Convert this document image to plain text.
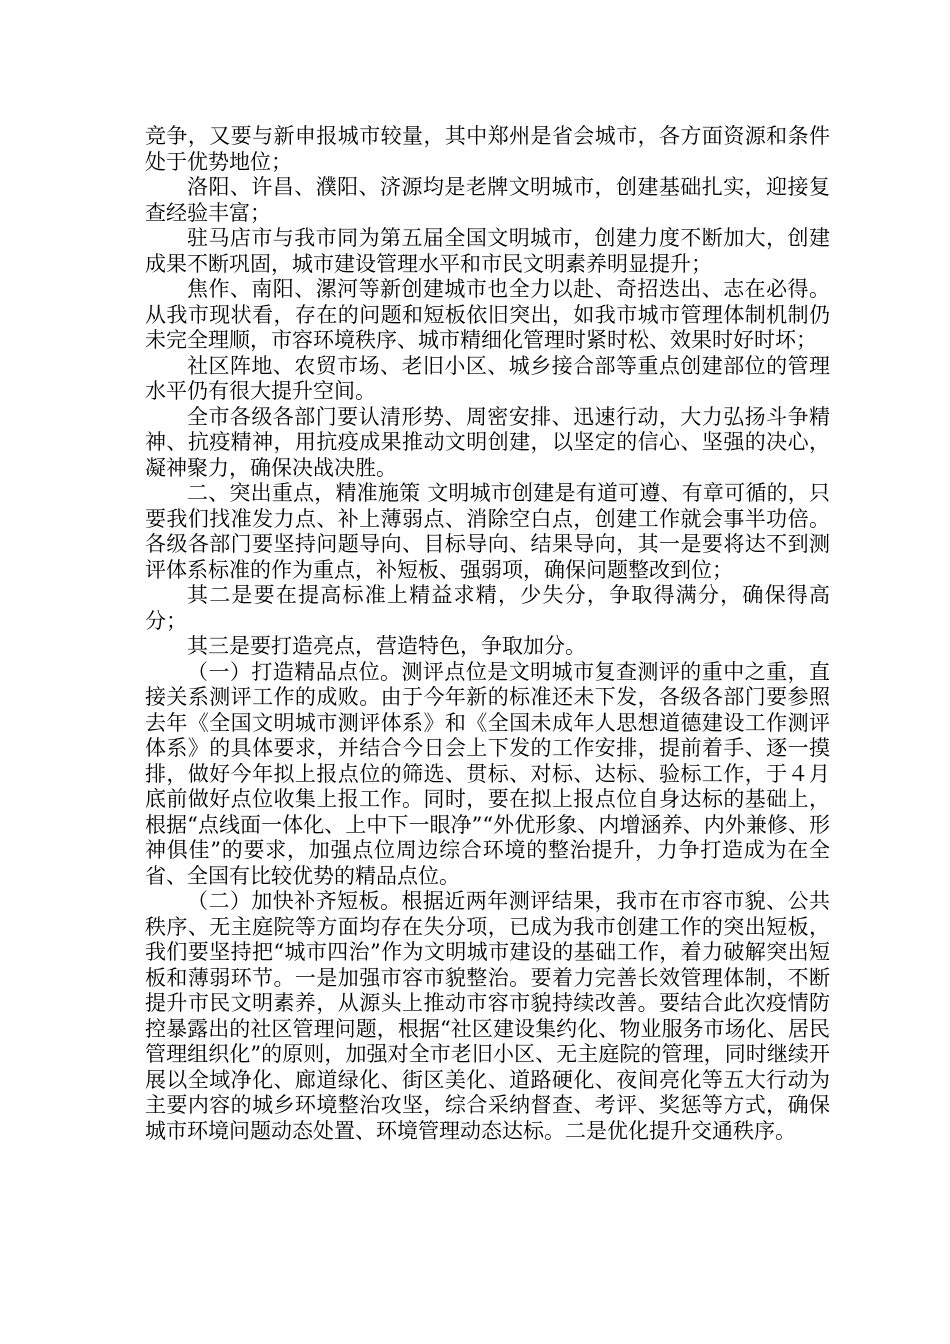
竞争，又要与新申报城市较量，其中郑州是省会城市，各方面资源和条件处于优势地位；

洛阳、许昌、濮阳、济源均是老牌文明城市，创建基础扎实，迎接复查经验丰富；

驻马店市与我市同为第五届全国文明城市，创建力度不断加大，创建成果不断巩固，城市建设管理水平和市民文明素养明显提升；

焦作、南阳、漯河等新创建城市也全力以赴、奇招迭出、志在必得。从我市现状看，存在的问题和短板依旧突出，如我市城市管理体制机制仍未完全理顺，市容环境秩序、城市精细化管理时紧时松、效果时好时坏；

社区阵地、农贸市场、老旧小区、城乡接合部等重点创建部位的管理水平仍有很大提升空间。

全市各级各部门要认清形势、周密安排、迅速行动，大力弘扬斗争精神、抗疫精神，用抗疫成果推动文明创建，以坚定的信心、坚强的决心，凝神聚力，确保决战决胜。

二、突出重点，精准施策 文明城市创建是有道可遵、有章可循的，只要我们找准发力点、补上薄弱点、消除空白点，创建工作就会事半功倍。各级各部门要坚持问题导向、目标导向、结果导向，其一是要将达不到测评体系标准的作为重点，补短板、强弱项，确保问题整改到位；

其二是要在提高标准上精益求精，少失分，争取得满分，确保得高分；

其三是要打造亮点，营造特色，争取加分。

（一）打造精品点位。测评点位是文明城市复查测评的重中之重，直接关系测评工作的成败。由于今年新的标准还未下发，各级各部门要参照去年《全国文明城市测评体系》和《全国未成年人思想道德建设工作测评体系》的具体要求，并结合今日会上下发的工作安排，提前着手、逐一摸排，做好今年拟上报点位的筛选、贯标、对标、达标、验标工作，于４月底前做好点位收集上报工作。同时，要在拟上报点位自身达标的基础上，根据“点线面一体化、上中下一眼净”“外优形象、内增涵养、内外兼修、形神俱佳”的要求，加强点位周边综合环境的整治提升，力争打造成为在全省、全国有比较优势的精品点位。

（二）加快补齐短板。根据近两年测评结果，我市在市容市貌、公共秩序、无主庭院等方面均存在失分项，已成为我市创建工作的突出短板，我们要坚持把“城市四治”作为文明城市建设的基础工作，着力破解突出短板和薄弱环节。一是加强市容市貌整治。要着力完善长效管理体制，不断提升市民文明素养，从源头上推动市容市貌持续改善。要结合此次疫情防控暴露出的社区管理问题，根据“社区建设集约化、物业服务市场化、居民管理组织化”的原则，加强对全市老旧小区、无主庭院的管理，同时继续开展以全域净化、廊道绿化、街区美化、道路硬化、夜间亮化等五大行动为主要内容的城乡环境整治攻坚，综合采纳督查、考评、奖惩等方式，确保城市环境问题动态处置、环境管理动态达标。二是优化提升交通秩序。
